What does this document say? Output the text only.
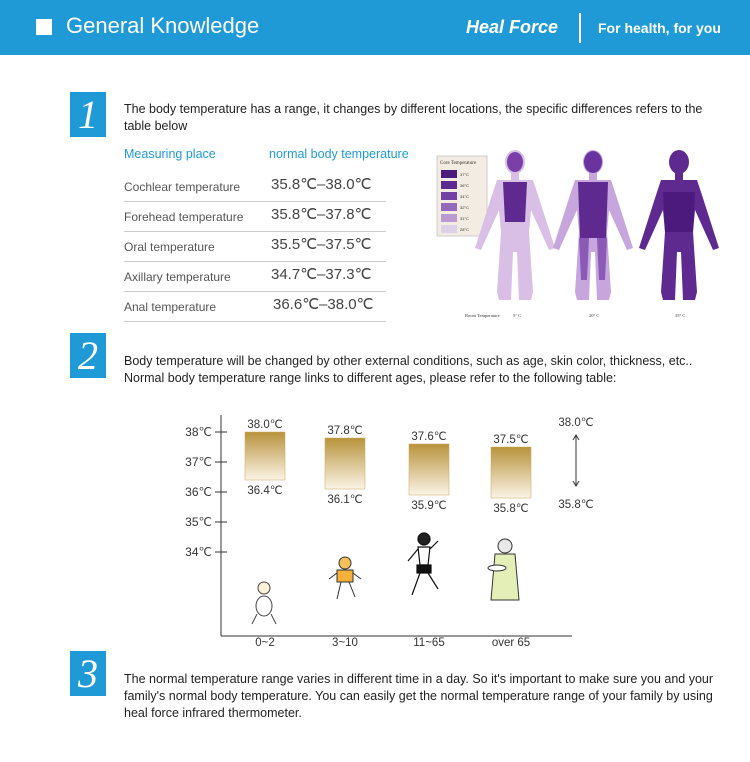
General Knowledge	Heal Force	For health, for you
1	The body temperature has a range, it changes by different locations, the specific differences refers to the table below
Measuring place	normal body temperature
Cochlear temperature 35.8℃–38.0℃
Forehead temperature 35.8℃–37.8℃
Oral temperature	35.5℃–37.5℃
Axillary temperature	34.7℃–37.3℃
Anal temperature	36.6℃–38.0℃
Core Temperature
37°C
36°C
34°C
32°C
31°C
28°C
Room Temperature	5° C	20° C	35° C
2	Body temperature will be changed by other external conditions, such as age, skin color, thickness, etc.. Normal body temperature range links to different ages, please refer to the following table:
38℃
37℃
36℃
35℃
34℃
38.0℃
36.4℃
0~2
37.8℃
36.1℃
3~10
37.6℃
35.9℃
11~65
37.5℃
35.8℃
over 65
38.0℃
35.8℃
3	The normal temperature range varies in different time in a day. So it's important to make sure you and your family's normal body temperature. You can easily get the normal temperature range of your family by using heal force infrared thermometer.
